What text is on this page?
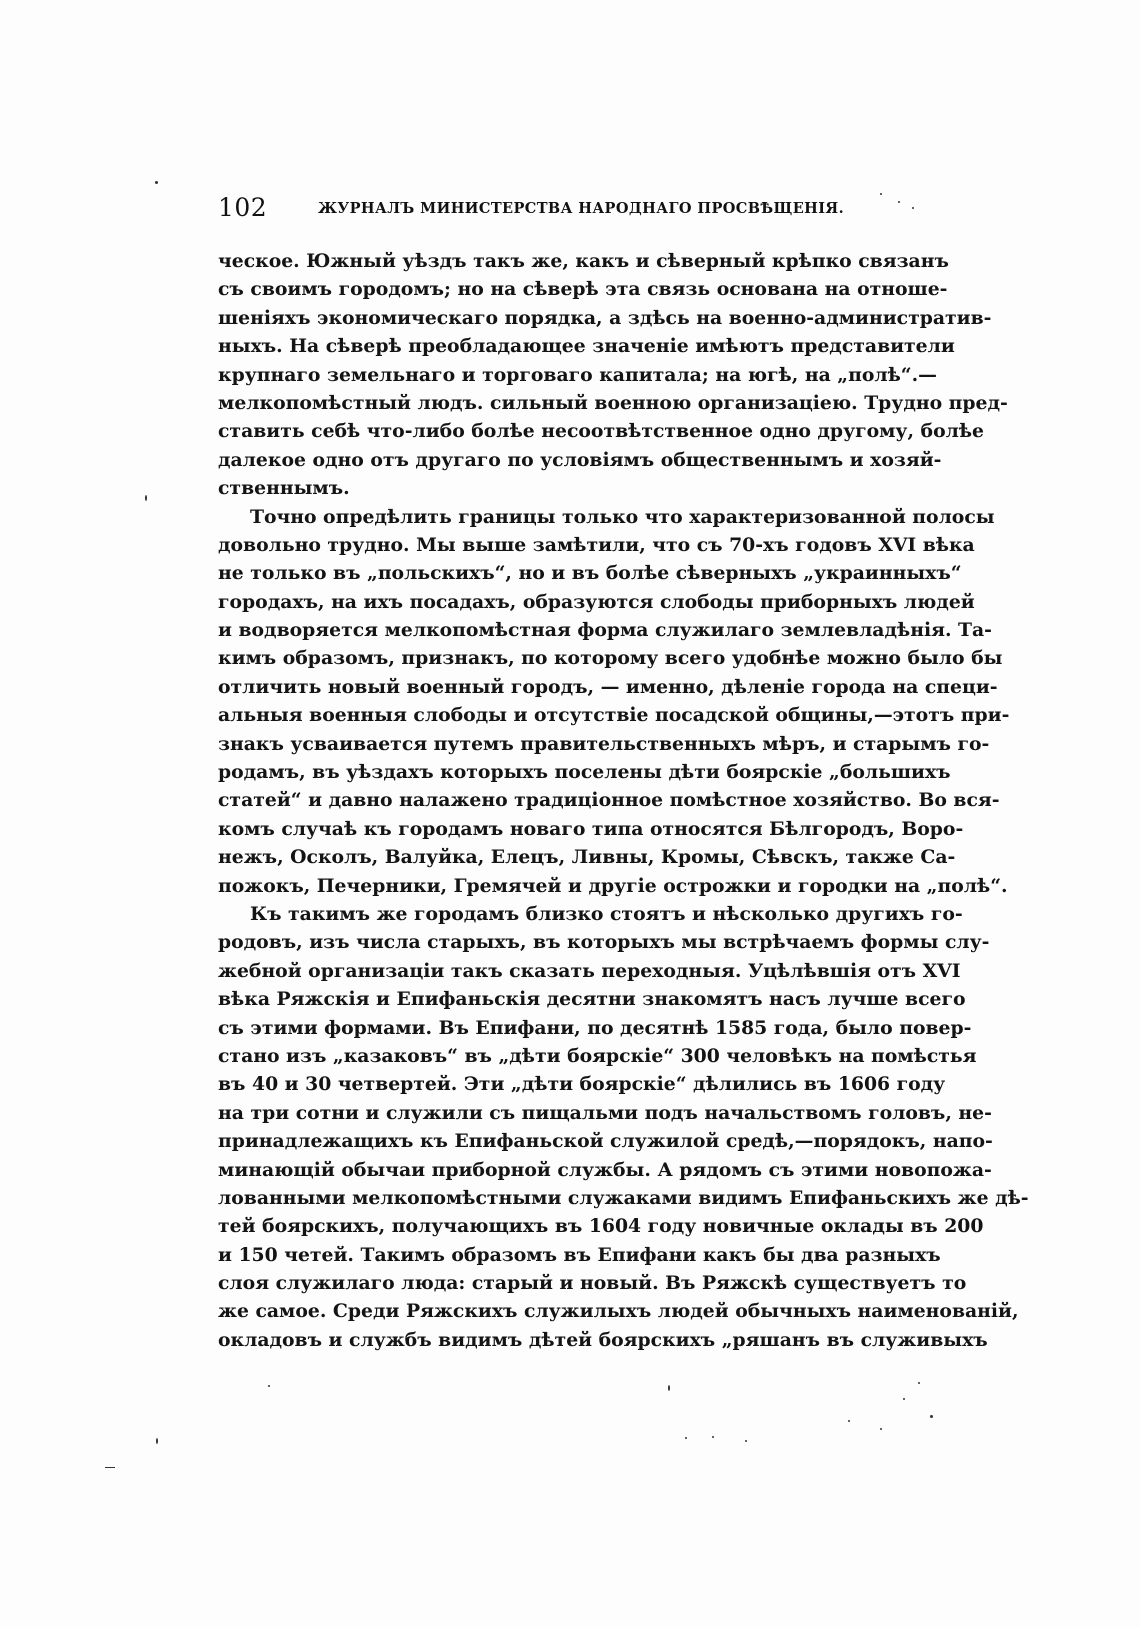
102	ЖУРНАЛЪ МИНИСТЕРСТВА НАРОДНАГО ПРОСВѢЩЕНІЯ.
ческое. Южный уѣздъ такъ же, какъ и сѣверный крѣпко связанъ
съ своимъ городомъ; но на сѣверѣ эта связь основана на отноше-
шеніяхъ экономическаго порядка, а здѣсь на военно-административ-
ныхъ. На сѣверѣ преобладающее значеніе имѣютъ представители
крупнаго земельнаго и торговаго капитала; на югѣ, на „полѣ“.—
мелкопомѣстный людъ. сильный военною организаціею. Трудно пред-
ставить себѣ что-либо болѣе несоотвѣтственное одно другому, болѣе
далекое одно отъ другаго по условіямъ общественнымъ и хозяй-
ственнымъ.
Точно опредѣлить границы только что характеризованной полосы
довольно трудно. Мы выше замѣтили, что съ 70-хъ годовъ XVI вѣка
не только въ „польскихъ“, но и въ болѣе сѣверныхъ „украинныхъ“
городахъ, на ихъ посадахъ, образуются слободы приборныхъ людей
и водворяется мелкопомѣстная форма служилаго землевладѣнія. Та-
кимъ образомъ, признакъ, по которому всего удобнѣе можно было бы
отличить новый военный городъ, — именно, дѣленіе города на специ-
альныя военныя слободы и отсутствіе посадской общины,—этотъ при-
знакъ усваивается путемъ правительственныхъ мѣръ, и старымъ го-
родамъ, въ уѣздахъ которыхъ поселены дѣти боярскіе „большихъ
статей“ и давно налажено традиціонное помѣстное хозяйство. Во вся-
комъ случаѣ къ городамъ новаго типа относятся Бѣлгородъ, Воро-
нежъ, Осколъ, Валуйка, Елецъ, Ливны, Кромы, Сѣвскъ, также Са-
пожокъ, Печерники, Гремячей и другіе острожки и городки на „полѣ“.
Къ такимъ же городамъ близко стоятъ и нѣсколько другихъ го-
родовъ, изъ числа старыхъ, въ которыхъ мы встрѣчаемъ формы слу-
жебной организаціи такъ сказать переходныя. Уцѣлѣвшія отъ XVI
вѣка Ряжскія и Епифаньскія десятни знакомятъ насъ лучше всего
съ этими формами. Въ Епифани, по десятнѣ 1585 года, было повер-
стано изъ „казаковъ“ въ „дѣти боярскіе“ 300 человѣкъ на помѣстья
въ 40 и 30 четвертей. Эти „дѣти боярскіе“ дѣлились въ 1606 году
на три сотни и служили съ пищальми подъ начальствомъ головъ, не-
принадлежащихъ къ Епифаньской служилой средѣ,—порядокъ, напо-
минающій обычаи приборной службы. А рядомъ съ этими новопожа-
лованными мелкопомѣстными служаками видимъ Епифаньскихъ же дѣ-
тей боярскихъ, получающихъ въ 1604 году новичные оклады въ 200
и 150 четей. Такимъ образомъ въ Епифани какъ бы два разныхъ
слоя служилаго люда: старый и новый. Въ Ряжскѣ существуетъ то
же самое. Среди Ряжскихъ служилыхъ людей обычныхъ наименованій,
окладовъ и службъ видимъ дѣтей боярскихъ „ряшанъ въ служивыхъ
